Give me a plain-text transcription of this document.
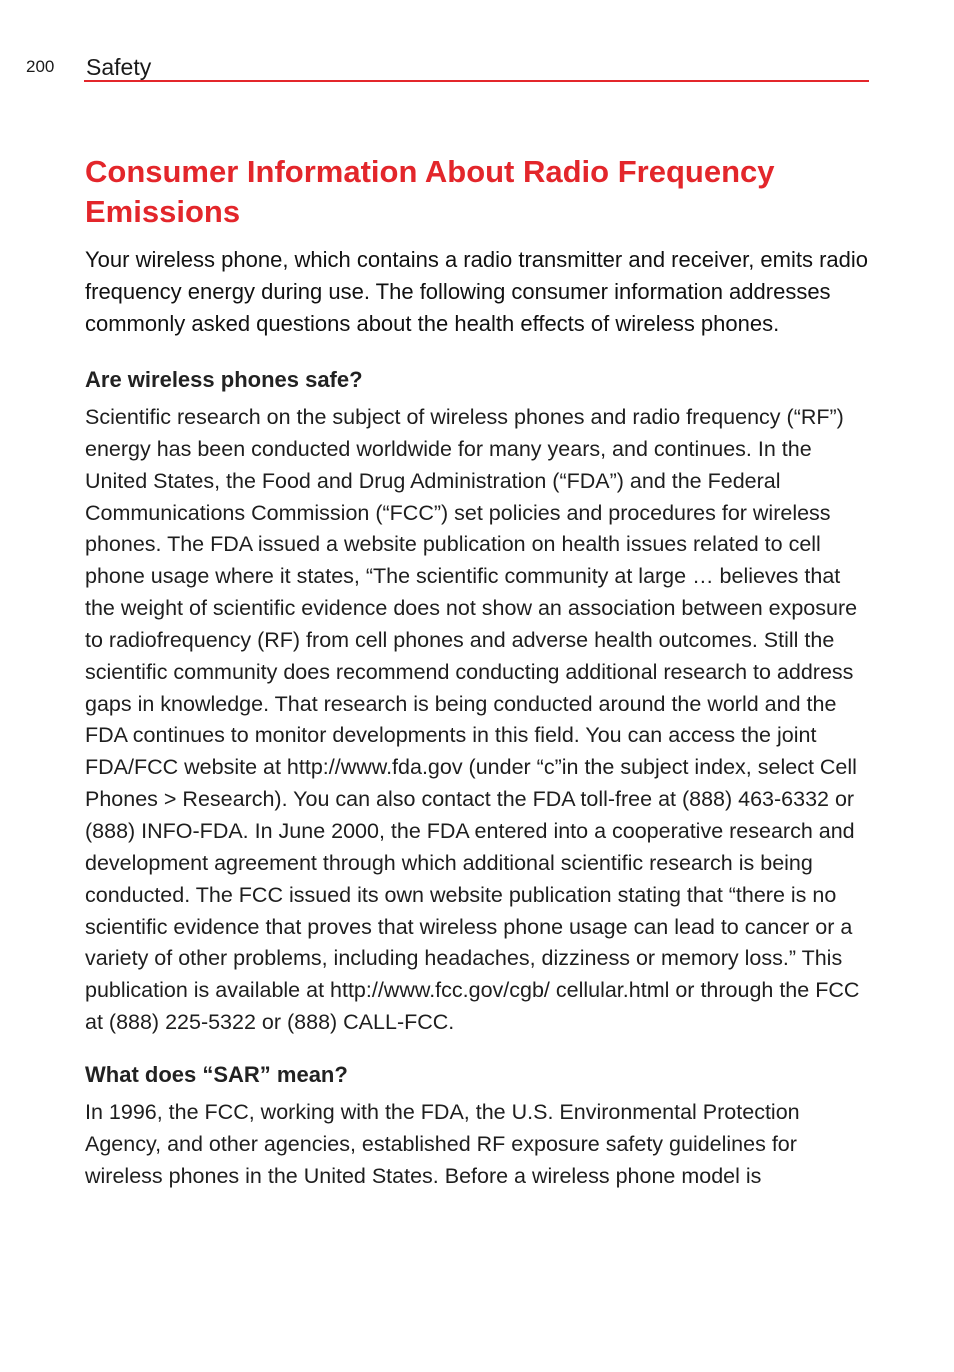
200 Safety
Consumer Information About Radio Frequency Emissions

Your wireless phone, which contains a radio transmitter and receiver, emits radio frequency energy during use. The following consumer information addresses commonly asked questions about the health effects of wireless phones.

Are wireless phones safe?

Scientific research on the subject of wireless phones and radio frequency (“RF”) energy has been conducted worldwide for many years, and continues. In the United States, the Food and Drug Administration (“FDA”) and the Federal Communications Commission (“FCC”) set policies and procedures for wireless phones. The FDA issued a website publication on health issues related to cell phone usage where it states, “The scientific community at large … believes that the weight of scientific evidence does not show an association between exposure to radiofrequency (RF) from cell phones and adverse health outcomes. Still the scientific community does recommend conducting additional research to address gaps in knowledge. That research is being conducted around the world and the FDA continues to monitor developments in this field. You can access the joint FDA/FCC website at http://www.fda.gov (under “c”in the subject index, select Cell Phones > Research). You can also contact the FDA toll-free at (888) 463-6332 or (888) INFO-FDA. In June 2000, the FDA entered into a cooperative research and development agreement through which additional scientific research is being conducted. The FCC issued its own website publication stating that “there is no scientific evidence that proves that wireless phone usage can lead to cancer or a variety of other problems, including headaches, dizziness or memory loss.” This publication is available at http://www.fcc.gov/cgb/ cellular.html or through the FCC at (888) 225-5322 or (888) CALL-FCC.

What does “SAR” mean?

In 1996, the FCC, working with the FDA, the U.S. Environmental Protection Agency, and other agencies, established RF exposure safety guidelines for wireless phones in the United States. Before a wireless phone model is
